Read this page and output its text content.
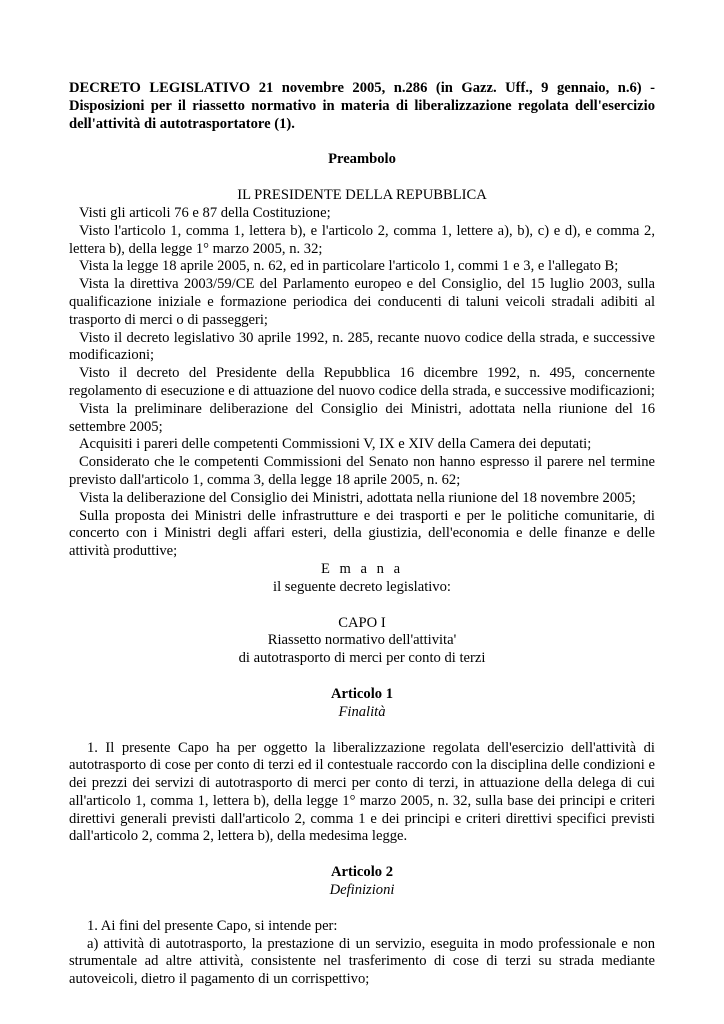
DECRETO LEGISLATIVO 21 novembre 2005, n.286 (in Gazz. Uff., 9 gennaio, n.6) - Disposizioni per il riassetto normativo in materia di liberalizzazione regolata dell'esercizio dell'attività di autotrasportatore (1).

Preambolo

IL PRESIDENTE DELLA REPUBBLICA

Visti gli articoli 76 e 87 della Costituzione;

Visto l'articolo 1, comma 1, lettera b), e l'articolo 2, comma 1, lettere a), b), c) e d), e comma 2, lettera b), della legge 1° marzo 2005, n. 32;

Vista la legge 18 aprile 2005, n. 62, ed in particolare l'articolo 1, commi 1 e 3, e l'allegato B;

Vista la direttiva 2003/59/CE del Parlamento europeo e del Consiglio, del 15 luglio 2003, sulla qualificazione iniziale e formazione periodica dei conducenti di taluni veicoli stradali adibiti al trasporto di merci o di passeggeri;

Visto il decreto legislativo 30 aprile 1992, n. 285, recante nuovo codice della strada, e successive modificazioni;

Visto il decreto del Presidente della Repubblica 16 dicembre 1992, n. 495, concernente regolamento di esecuzione e di attuazione del nuovo codice della strada, e successive modificazioni;

Vista la preliminare deliberazione del Consiglio dei Ministri, adottata nella riunione del 16 settembre 2005;

Acquisiti i pareri delle competenti Commissioni V, IX e XIV della Camera dei deputati;

Considerato che le competenti Commissioni del Senato non hanno espresso il parere nel termine previsto dall'articolo 1, comma 3, della legge 18 aprile 2005, n. 62;

Vista la deliberazione del Consiglio dei Ministri, adottata nella riunione del 18 novembre 2005;

Sulla proposta dei Ministri delle infrastrutture e dei trasporti e per le politiche comunitarie, di concerto con i Ministri degli affari esteri, della giustizia, dell'economia e delle finanze e delle attività produttive;

E m a n a

il seguente decreto legislativo:

CAPO I

Riassetto normativo dell'attivita'

di autotrasporto di merci per conto di terzi

Articolo 1

Finalità

1. Il presente Capo ha per oggetto la liberalizzazione regolata dell'esercizio dell'attività di autotrasporto di cose per conto di terzi ed il contestuale raccordo con la disciplina delle condizioni e dei prezzi dei servizi di autotrasporto di merci per conto di terzi, in attuazione della delega di cui all'articolo 1, comma 1, lettera b), della legge 1° marzo 2005, n. 32, sulla base dei principi e criteri direttivi generali previsti dall'articolo 2, comma 1 e dei principi e criteri direttivi specifici previsti dall'articolo 2, comma 2, lettera b), della medesima legge.

Articolo 2

Definizioni

1. Ai fini del presente Capo, si intende per:

a) attività di autotrasporto, la prestazione di un servizio, eseguita in modo professionale e non strumentale ad altre attività, consistente nel trasferimento di cose di terzi su strada mediante autoveicoli, dietro il pagamento di un corrispettivo;
